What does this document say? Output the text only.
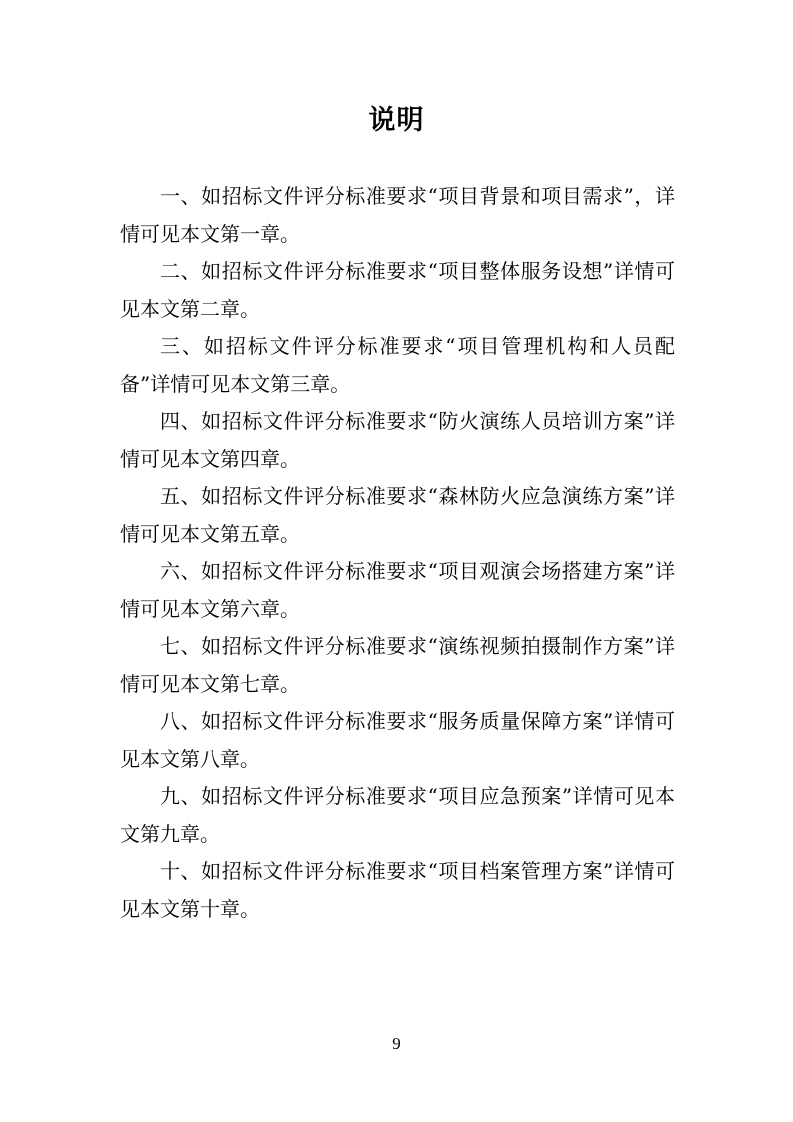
说明

一、如招标文件评分标准要求“项目背景和项目需求”，详情可见本文第一章。

二、如招标文件评分标准要求“项目整体服务设想”详情可见本文第二章。

三、如招标文件评分标准要求“项目管理机构和人员配备”详情可见本文第三章。

四、如招标文件评分标准要求“防火演练人员培训方案”详情可见本文第四章。

五、如招标文件评分标准要求“森林防火应急演练方案”详情可见本文第五章。

六、如招标文件评分标准要求“项目观演会场搭建方案”详情可见本文第六章。

七、如招标文件评分标准要求“演练视频拍摄制作方案”详情可见本文第七章。

八、如招标文件评分标准要求“服务质量保障方案”详情可见本文第八章。

九、如招标文件评分标准要求“项目应急预案”详情可见本文第九章。

十、如招标文件评分标准要求“项目档案管理方案”详情可见本文第十章。

9
